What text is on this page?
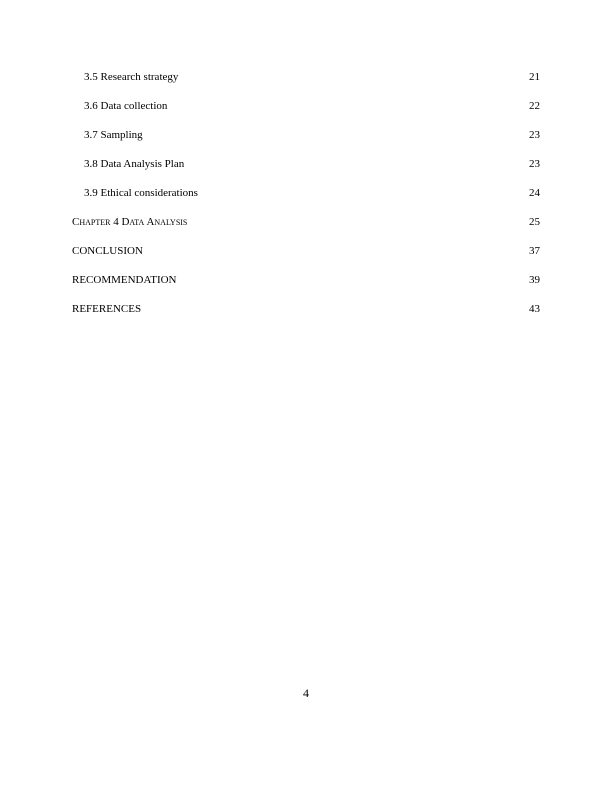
3.5 Research strategy	21
3.6 Data collection	22
3.7 Sampling	23
3.8 Data Analysis Plan	23
3.9 Ethical considerations	24
Chapter 4 Data Analysis	25
CONCLUSION	37
RECOMMENDATION	39
REFERENCES	43
4
